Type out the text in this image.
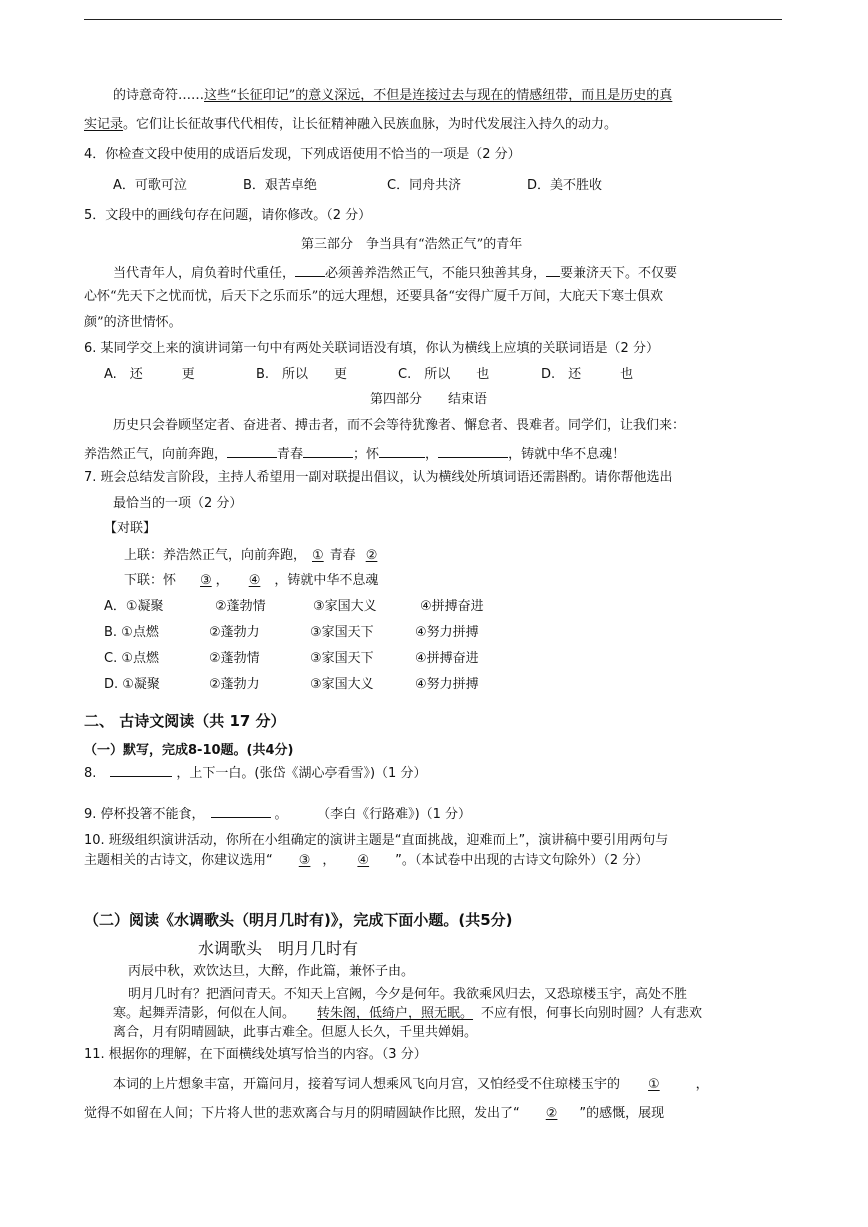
的诗意奇符……这些“长征印记”的意义深远，不但是连接过去与现在的情感纽带，而且是历史的真
实记录。它们让长征故事代代相传，让长征精神融入民族血脉，为时代发展注入持久的动力。
4．你检查文段中使用的成语后发现，下列成语使用不恰当的一项是（2 分）
A．可歌可泣	B．艰苦卓绝	C．同舟共济	D．美不胜收
5．文段中的画线句存在问题，请你修改。（2 分）
第三部分　争当具有“浩然正气”的青年
当代青年人，肩负着时代重任， 必须善养浩然正气，不能只独善其身， 要兼济天下。不仅要
心怀“先天下之忧而忧，后天下之乐而乐”的远大理想，还要具备“安得广厦千万间，大庇天下寒士俱欢
颜”的济世情怀。
6. 某同学交上来的演讲词第一句中有两处关联词语没有填，你认为横线上应填的关联词语是（2 分）
A.　还　　　更	B.　所以　　更	C.　所以　　也	D.　还　　　也
第四部分　　结束语
历史只会眷顾坚定者、奋进者、搏击者，而不会等待犹豫者、懈怠者、畏难者。同学们，让我们来：
养浩然正气，向前奔跑，	青春	；怀	，	，铸就中华不息魂！
7. 班会总结发言阶段，主持人希望用一副对联提出倡议，认为横线处所填词语还需斟酌。请你帮他选出
最恰当的一项（2 分）
【对联】
上联：养浩然正气，向前奔跑， ① 青春 ②
下联：怀 ③ ， ④ ，铸就中华不息魂
A．①凝聚	②蓬勃情	③家国大义	④拼搏奋进
B. ①点燃	②蓬勃力	③家国天下	④努力拼搏
C. ①点燃	②蓬勃情	③家国天下	④拼搏奋进
D. ①凝聚	②蓬勃力	③家国大义	④努力拼搏
二、 古诗文阅读（共 17 分）
（一）默写，完成8-10题。(共4分)
8.	，上下一白。(张岱《湖心亭看雪》)（1 分）
9. 停杯投箸不能食，	。	（李白《行路难》)（1 分）
10. 班级组织演讲活动，你所在小组确定的演讲主题是“直面挑战，迎难而上”，演讲稿中要引用两句与
主题相关的古诗文，你建议选用“ ③ ， ④ ”。（本试卷中出现的古诗文句除外）（2 分）
（二）阅读《水调歌头（明月几时有)》，完成下面小题。(共5分)
水调歌头　明月几时有
丙辰中秋，欢饮达旦，大醉，作此篇，兼怀子由。
明月几时有？把酒问青天。不知天上宫阙，今夕是何年。我欲乘风归去，又恐琼楼玉宇，高处不胜
寒。起舞弄清影，何似在人间。 转朱阁，低绮户，照无眠。 不应有恨，何事长向别时圆？人有悲欢
离合，月有阴晴圆缺，此事古难全。但愿人长久，千里共婵娟。
11. 根据你的理解，在下面横线处填写恰当的内容。（3 分）
本词的上片想象丰富，开篇问月，接着写词人想乘风飞向月宫，又怕经受不住琼楼玉宇的 ①	，
觉得不如留在人间；下片将人世的悲欢离合与月的阴晴圆缺作比照，发出了“ ② ”的感慨，展现
